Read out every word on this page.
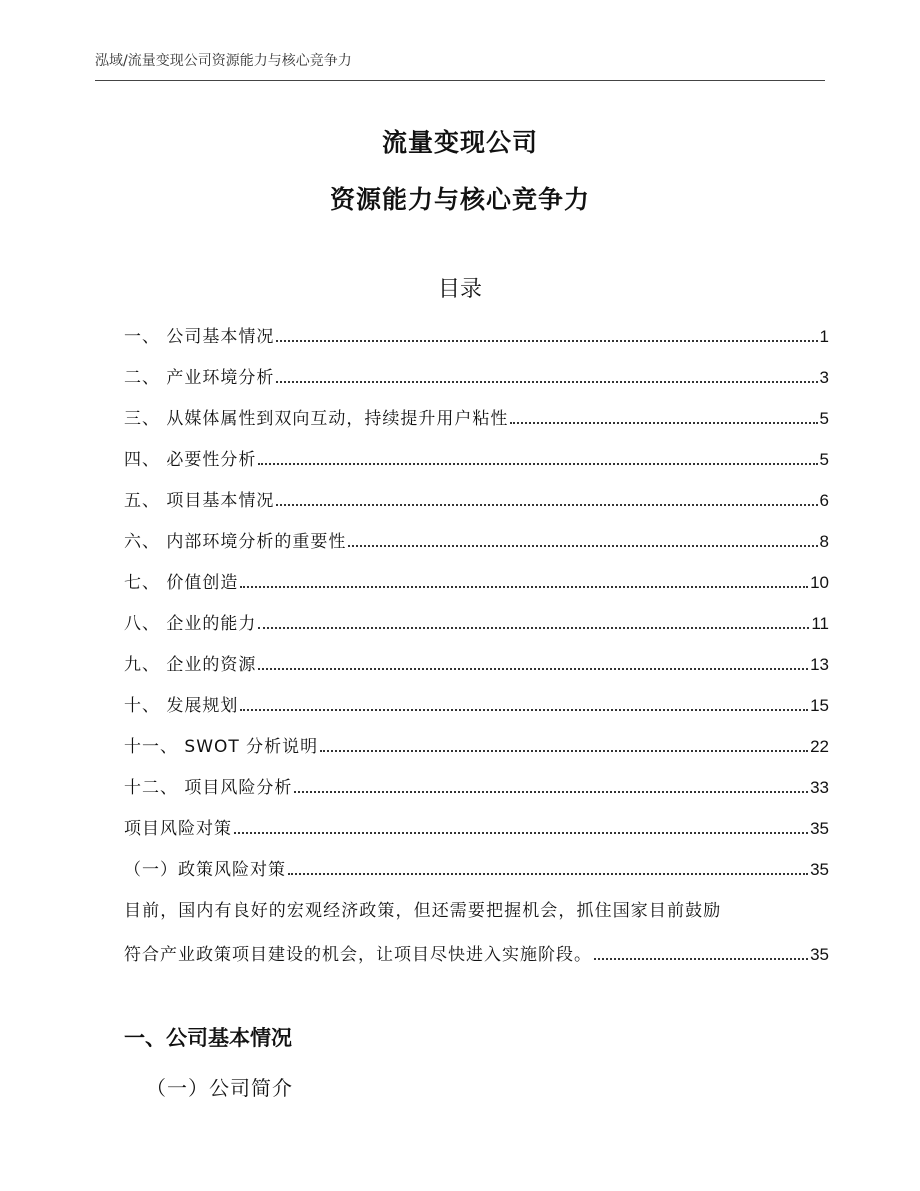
泓域/流量变现公司资源能力与核心竞争力
流量变现公司
资源能力与核心竞争力
目录
一、 公司基本情况	1
二、 产业环境分析	3
三、 从媒体属性到双向互动，持续提升用户粘性	5
四、 必要性分析	5
五、 项目基本情况	6
六、 内部环境分析的重要性	8
七、 价值创造	10
八、 企业的能力	11
九、 企业的资源	13
十、 发展规划	15
十一、 SWOT 分析说明	22
十二、 项目风险分析	33
项目风险对策	35
（一）政策风险对策	35
目前，国内有良好的宏观经济政策，但还需要把握机会，抓住国家目前鼓励
符合产业政策项目建设的机会，让项目尽快进入实施阶段。	35
一、公司基本情况
（一）公司简介
